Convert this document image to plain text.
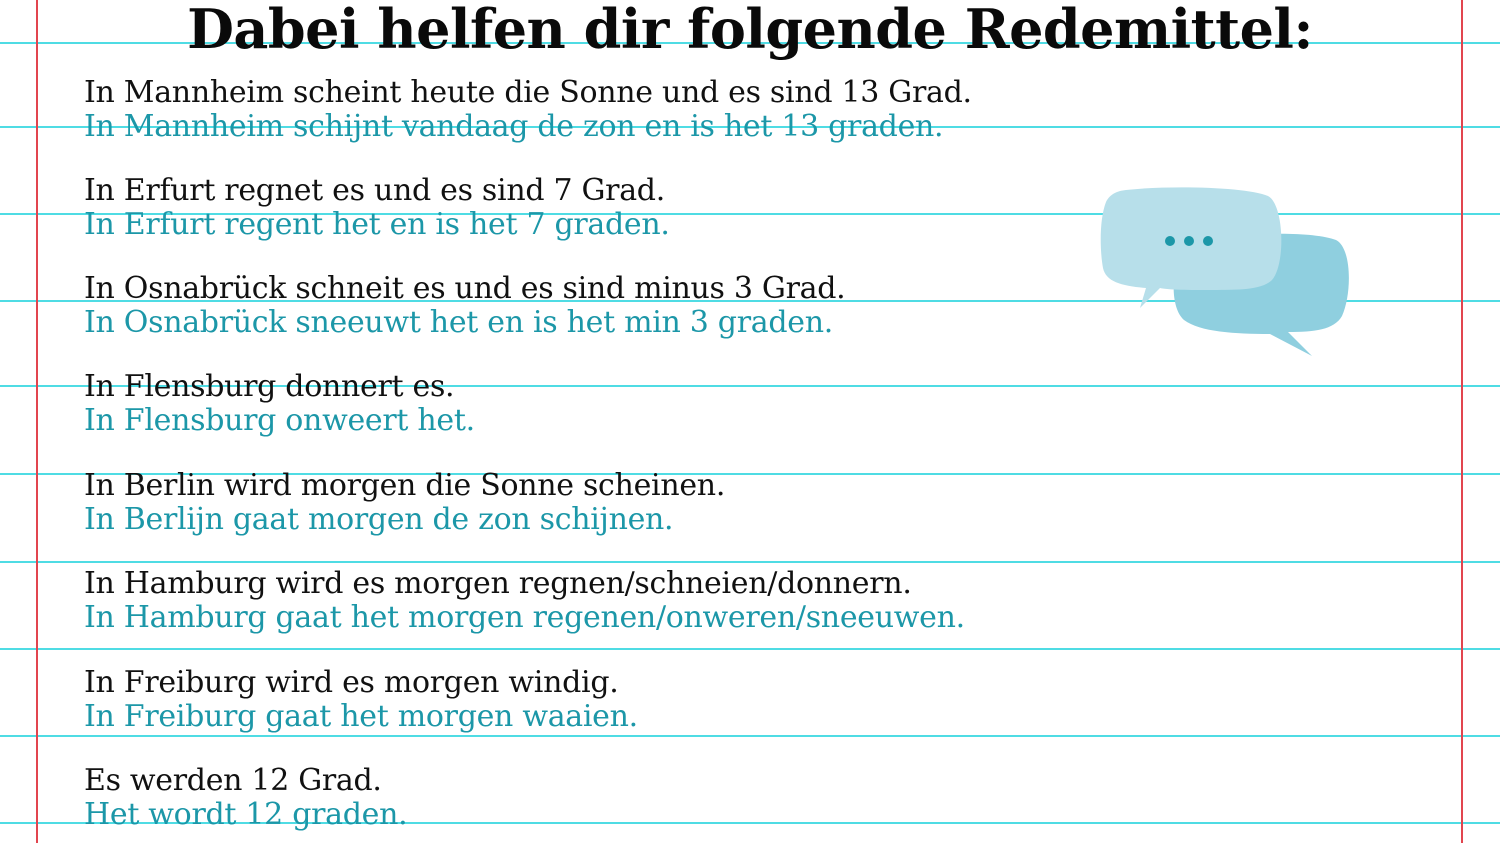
Dabei helfen dir folgende Redemittel:
In Mannheim scheint heute die Sonne und es sind 13 Grad.
In Mannheim schijnt vandaag de zon en is het 13 graden.
In Erfurt regnet es und es sind 7 Grad.
In Erfurt regent het en is het 7 graden.
In Osnabrück schneit es und es sind minus 3 Grad.
In Osnabrück sneeuwt het en is het min 3 graden.
In Flensburg donnert es.
In Flensburg onweert het.
In Berlin wird morgen die Sonne scheinen.
In Berlijn gaat morgen de zon schijnen.
In Hamburg wird es morgen regnen/schneien/donnern.
In Hamburg gaat het morgen regenen/onweren/sneeuwen.
In Freiburg wird es morgen windig.
In Freiburg gaat het morgen waaien.
Es werden 12 Grad.
Het wordt 12 graden.
